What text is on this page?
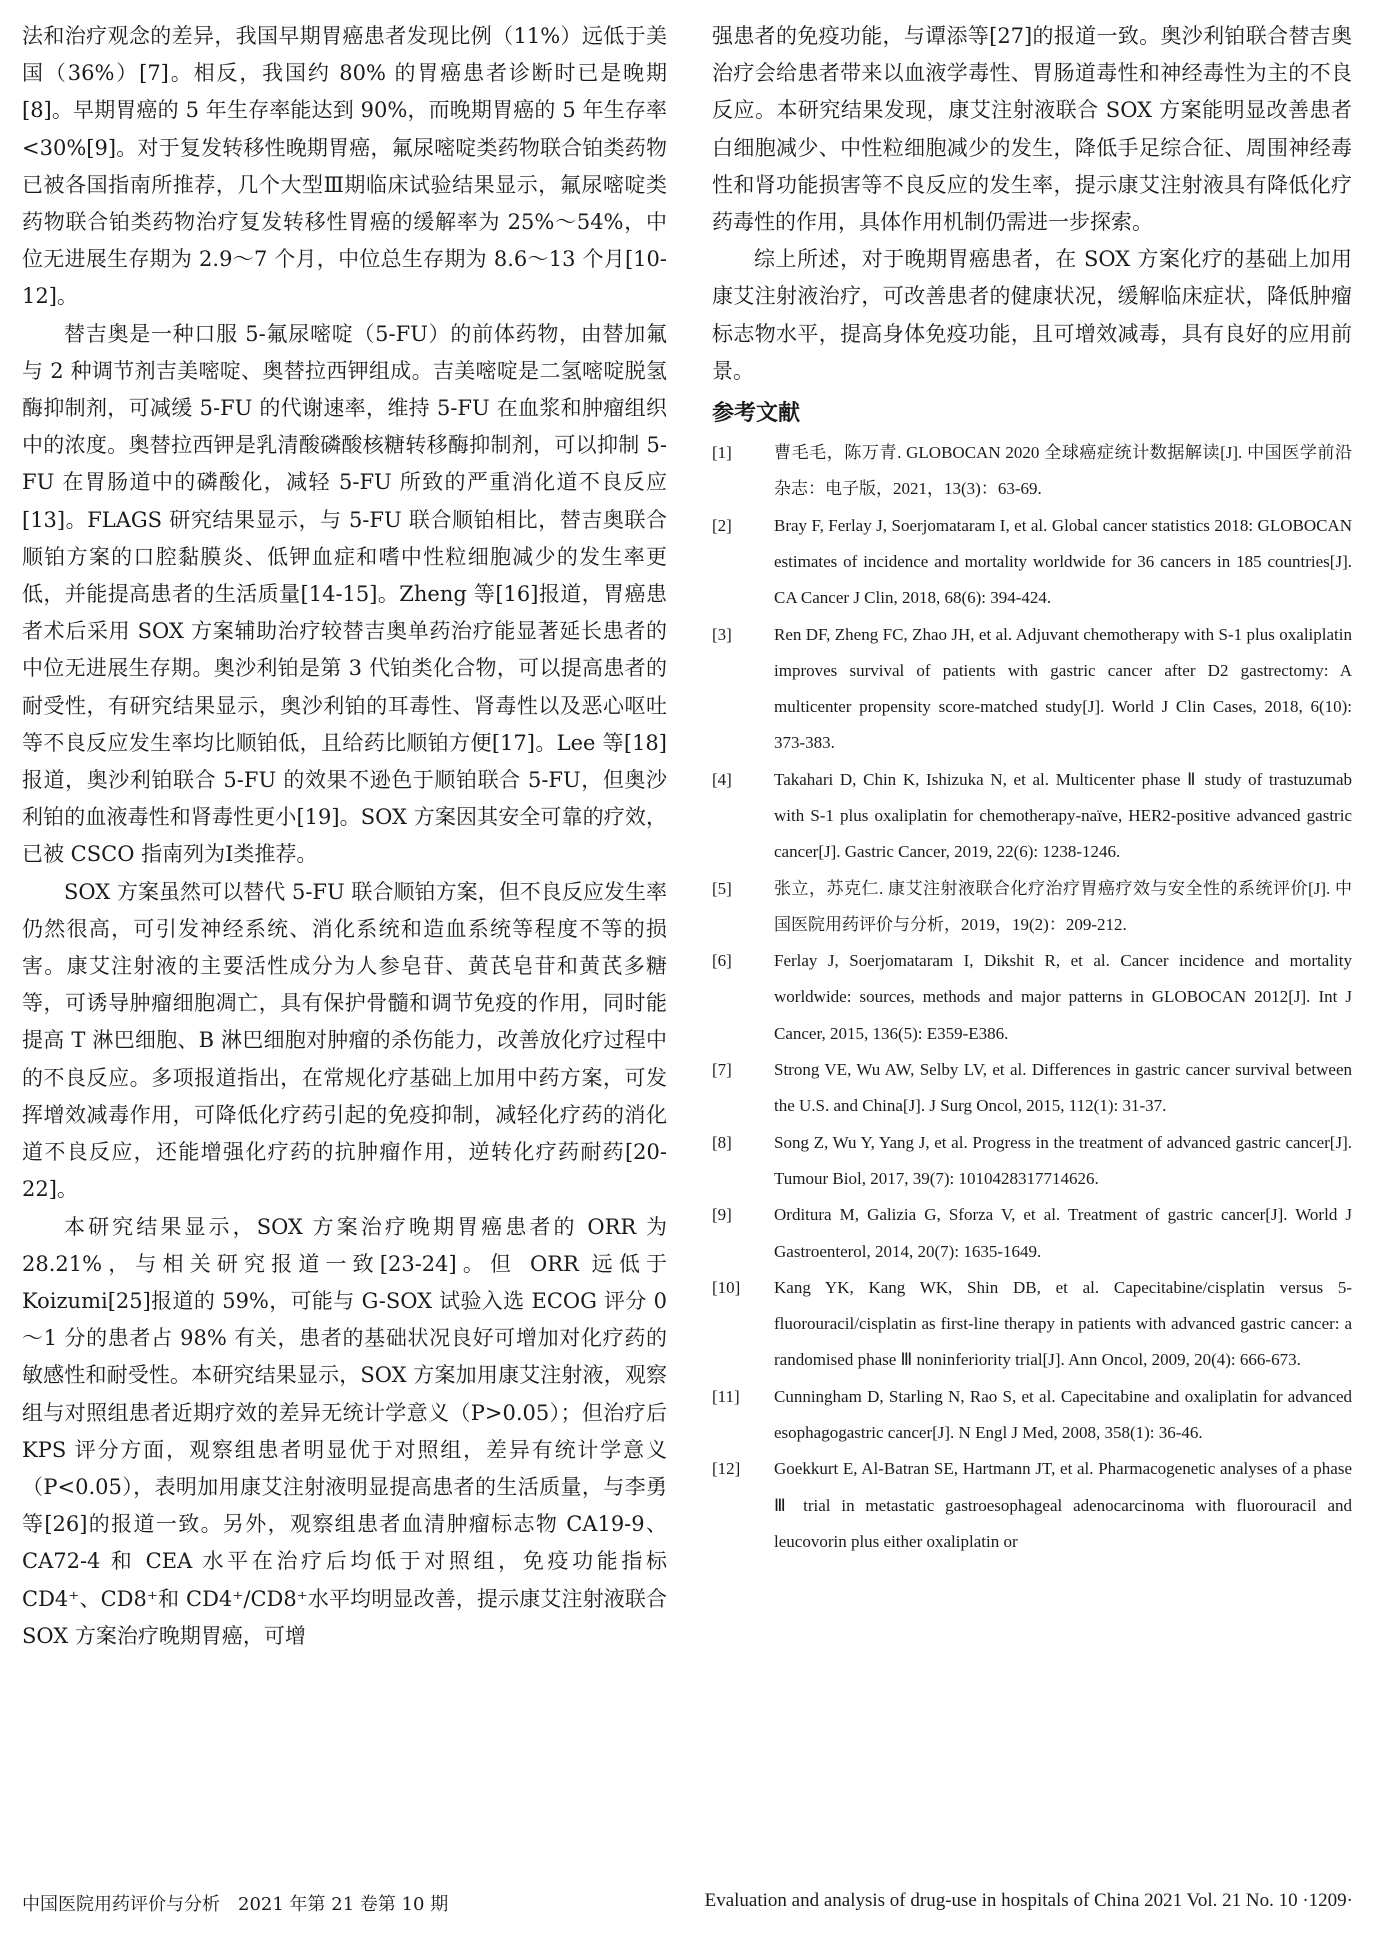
法和治疗观念的差异，我国早期胃癌患者发现比例（11%）远低于美国（36%）[7]。相反，我国约 80% 的胃癌患者诊断时已是晚期[8]。早期胃癌的 5 年生存率能达到 90%，而晚期胃癌的 5 年生存率<30%[9]。对于复发转移性晚期胃癌，氟尿嘧啶类药物联合铂类药物已被各国指南所推荐，几个大型Ⅲ期临床试验结果显示，氟尿嘧啶类药物联合铂类药物治疗复发转移性胃癌的缓解率为 25%～54%，中位无进展生存期为 2.9～7 个月，中位总生存期为 8.6～13 个月[10-12]。

替吉奥是一种口服 5-氟尿嘧啶（5-FU）的前体药物，由替加氟与 2 种调节剂吉美嘧啶、奥替拉西钾组成。吉美嘧啶是二氢嘧啶脱氢酶抑制剂，可减缓 5-FU 的代谢速率，维持 5-FU 在血浆和肿瘤组织中的浓度。奥替拉西钾是乳清酸磷酸核糖转移酶抑制剂，可以抑制 5-FU 在胃肠道中的磷酸化，减轻 5-FU 所致的严重消化道不良反应[13]。FLAGS 研究结果显示，与 5-FU 联合顺铂相比，替吉奥联合顺铂方案的口腔黏膜炎、低钾血症和嗜中性粒细胞减少的发生率更低，并能提高患者的生活质量[14-15]。Zheng 等[16]报道，胃癌患者术后采用 SOX 方案辅助治疗较替吉奥单药治疗能显著延长患者的中位无进展生存期。奥沙利铂是第 3 代铂类化合物，可以提高患者的耐受性，有研究结果显示，奥沙利铂的耳毒性、肾毒性以及恶心呕吐等不良反应发生率均比顺铂低，且给药比顺铂方便[17]。Lee 等[18]报道，奥沙利铂联合 5-FU 的效果不逊色于顺铂联合 5-FU，但奥沙利铂的血液毒性和肾毒性更小[19]。SOX 方案因其安全可靠的疗效，已被 CSCO 指南列为Ⅰ类推荐。

SOX 方案虽然可以替代 5-FU 联合顺铂方案，但不良反应发生率仍然很高，可引发神经系统、消化系统和造血系统等程度不等的损害。康艾注射液的主要活性成分为人参皂苷、黄芪皂苷和黄芪多糖等，可诱导肿瘤细胞凋亡，具有保护骨髓和调节免疫的作用，同时能提高 T 淋巴细胞、B 淋巴细胞对肿瘤的杀伤能力，改善放化疗过程中的不良反应。多项报道指出，在常规化疗基础上加用中药方案，可发挥增效减毒作用，可降低化疗药引起的免疫抑制，减轻化疗药的消化道不良反应，还能增强化疗药的抗肿瘤作用，逆转化疗药耐药[20-22]。

本研究结果显示，SOX 方案治疗晚期胃癌患者的 ORR 为 28.21%，与相关研究报道一致[23-24]。但 ORR 远低于 Koizumi[25]报道的 59%，可能与 G-SOX 试验入选 ECOG 评分 0～1 分的患者占 98% 有关，患者的基础状况良好可增加对化疗药的敏感性和耐受性。本研究结果显示，SOX 方案加用康艾注射液，观察组与对照组患者近期疗效的差异无统计学意义（P>0.05）；但治疗后 KPS 评分方面，观察组患者明显优于对照组，差异有统计学意义（P<0.05），表明加用康艾注射液明显提高患者的生活质量，与李勇等[26]的报道一致。另外，观察组患者血清肿瘤标志物 CA19-9、CA72-4 和 CEA 水平在治疗后均低于对照组，免疫功能指标 CD4⁺、CD8⁺和 CD4⁺/CD8⁺水平均明显改善，提示康艾注射液联合 SOX 方案治疗晚期胃癌，可增

强患者的免疫功能，与谭添等[27]的报道一致。奥沙利铂联合替吉奥治疗会给患者带来以血液学毒性、胃肠道毒性和神经毒性为主的不良反应。本研究结果发现，康艾注射液联合 SOX 方案能明显改善患者白细胞减少、中性粒细胞减少的发生，降低手足综合征、周围神经毒性和肾功能损害等不良反应的发生率，提示康艾注射液具有降低化疗药毒性的作用，具体作用机制仍需进一步探索。

综上所述，对于晚期胃癌患者，在 SOX 方案化疗的基础上加用康艾注射液治疗，可改善患者的健康状况，缓解临床症状，降低肿瘤标志物水平，提高身体免疫功能，且可增效减毒，具有良好的应用前景。

参考文献
[1]	曹毛毛，陈万青. GLOBOCAN 2020 全球癌症统计数据解读[J]. 中国医学前沿杂志：电子版，2021，13(3)：63-69.
[2]	Bray F, Ferlay J, Soerjomataram I, et al. Global cancer statistics 2018: GLOBOCAN estimates of incidence and mortality worldwide for 36 cancers in 185 countries[J]. CA Cancer J Clin, 2018, 68(6): 394-424.
[3]	Ren DF, Zheng FC, Zhao JH, et al. Adjuvant chemotherapy with S-1 plus oxaliplatin improves survival of patients with gastric cancer after D2 gastrectomy: A multicenter propensity score-matched study[J]. World J Clin Cases, 2018, 6(10): 373-383.
[4]	Takahari D, Chin K, Ishizuka N, et al. Multicenter phase Ⅱ study of trastuzumab with S-1 plus oxaliplatin for chemotherapy-naïve, HER2-positive advanced gastric cancer[J]. Gastric Cancer, 2019, 22(6): 1238-1246.
[5]	张立，苏克仁. 康艾注射液联合化疗治疗胃癌疗效与安全性的系统评价[J]. 中国医院用药评价与分析，2019，19(2)：209-212.
[6]	Ferlay J, Soerjomataram I, Dikshit R, et al. Cancer incidence and mortality worldwide: sources, methods and major patterns in GLOBOCAN 2012[J]. Int J Cancer, 2015, 136(5): E359-E386.
[7]	Strong VE, Wu AW, Selby LV, et al. Differences in gastric cancer survival between the U.S. and China[J]. J Surg Oncol, 2015, 112(1): 31-37.
[8]	Song Z, Wu Y, Yang J, et al. Progress in the treatment of advanced gastric cancer[J]. Tumour Biol, 2017, 39(7): 1010428317714626.
[9]	Orditura M, Galizia G, Sforza V, et al. Treatment of gastric cancer[J]. World J Gastroenterol, 2014, 20(7): 1635-1649.
[10]	Kang YK, Kang WK, Shin DB, et al. Capecitabine/cisplatin versus 5-fluorouracil/cisplatin as first-line therapy in patients with advanced gastric cancer: a randomised phase Ⅲ noninferiority trial[J]. Ann Oncol, 2009, 20(4): 666-673.
[11]	Cunningham D, Starling N, Rao S, et al. Capecitabine and oxaliplatin for advanced esophagogastric cancer[J]. N Engl J Med, 2008, 358(1): 36-46.
[12]	Goekkurt E, Al-Batran SE, Hartmann JT, et al. Pharmacogenetic analyses of a phase Ⅲ trial in metastatic gastroesophageal adenocarcinoma with fluorouracil and leucovorin plus either oxaliplatin or
中国医院用药评价与分析　2021 年第 21 卷第 10 期	Evaluation and analysis of drug-use in hospitals of China 2021 Vol. 21 No. 10 ·1209·
